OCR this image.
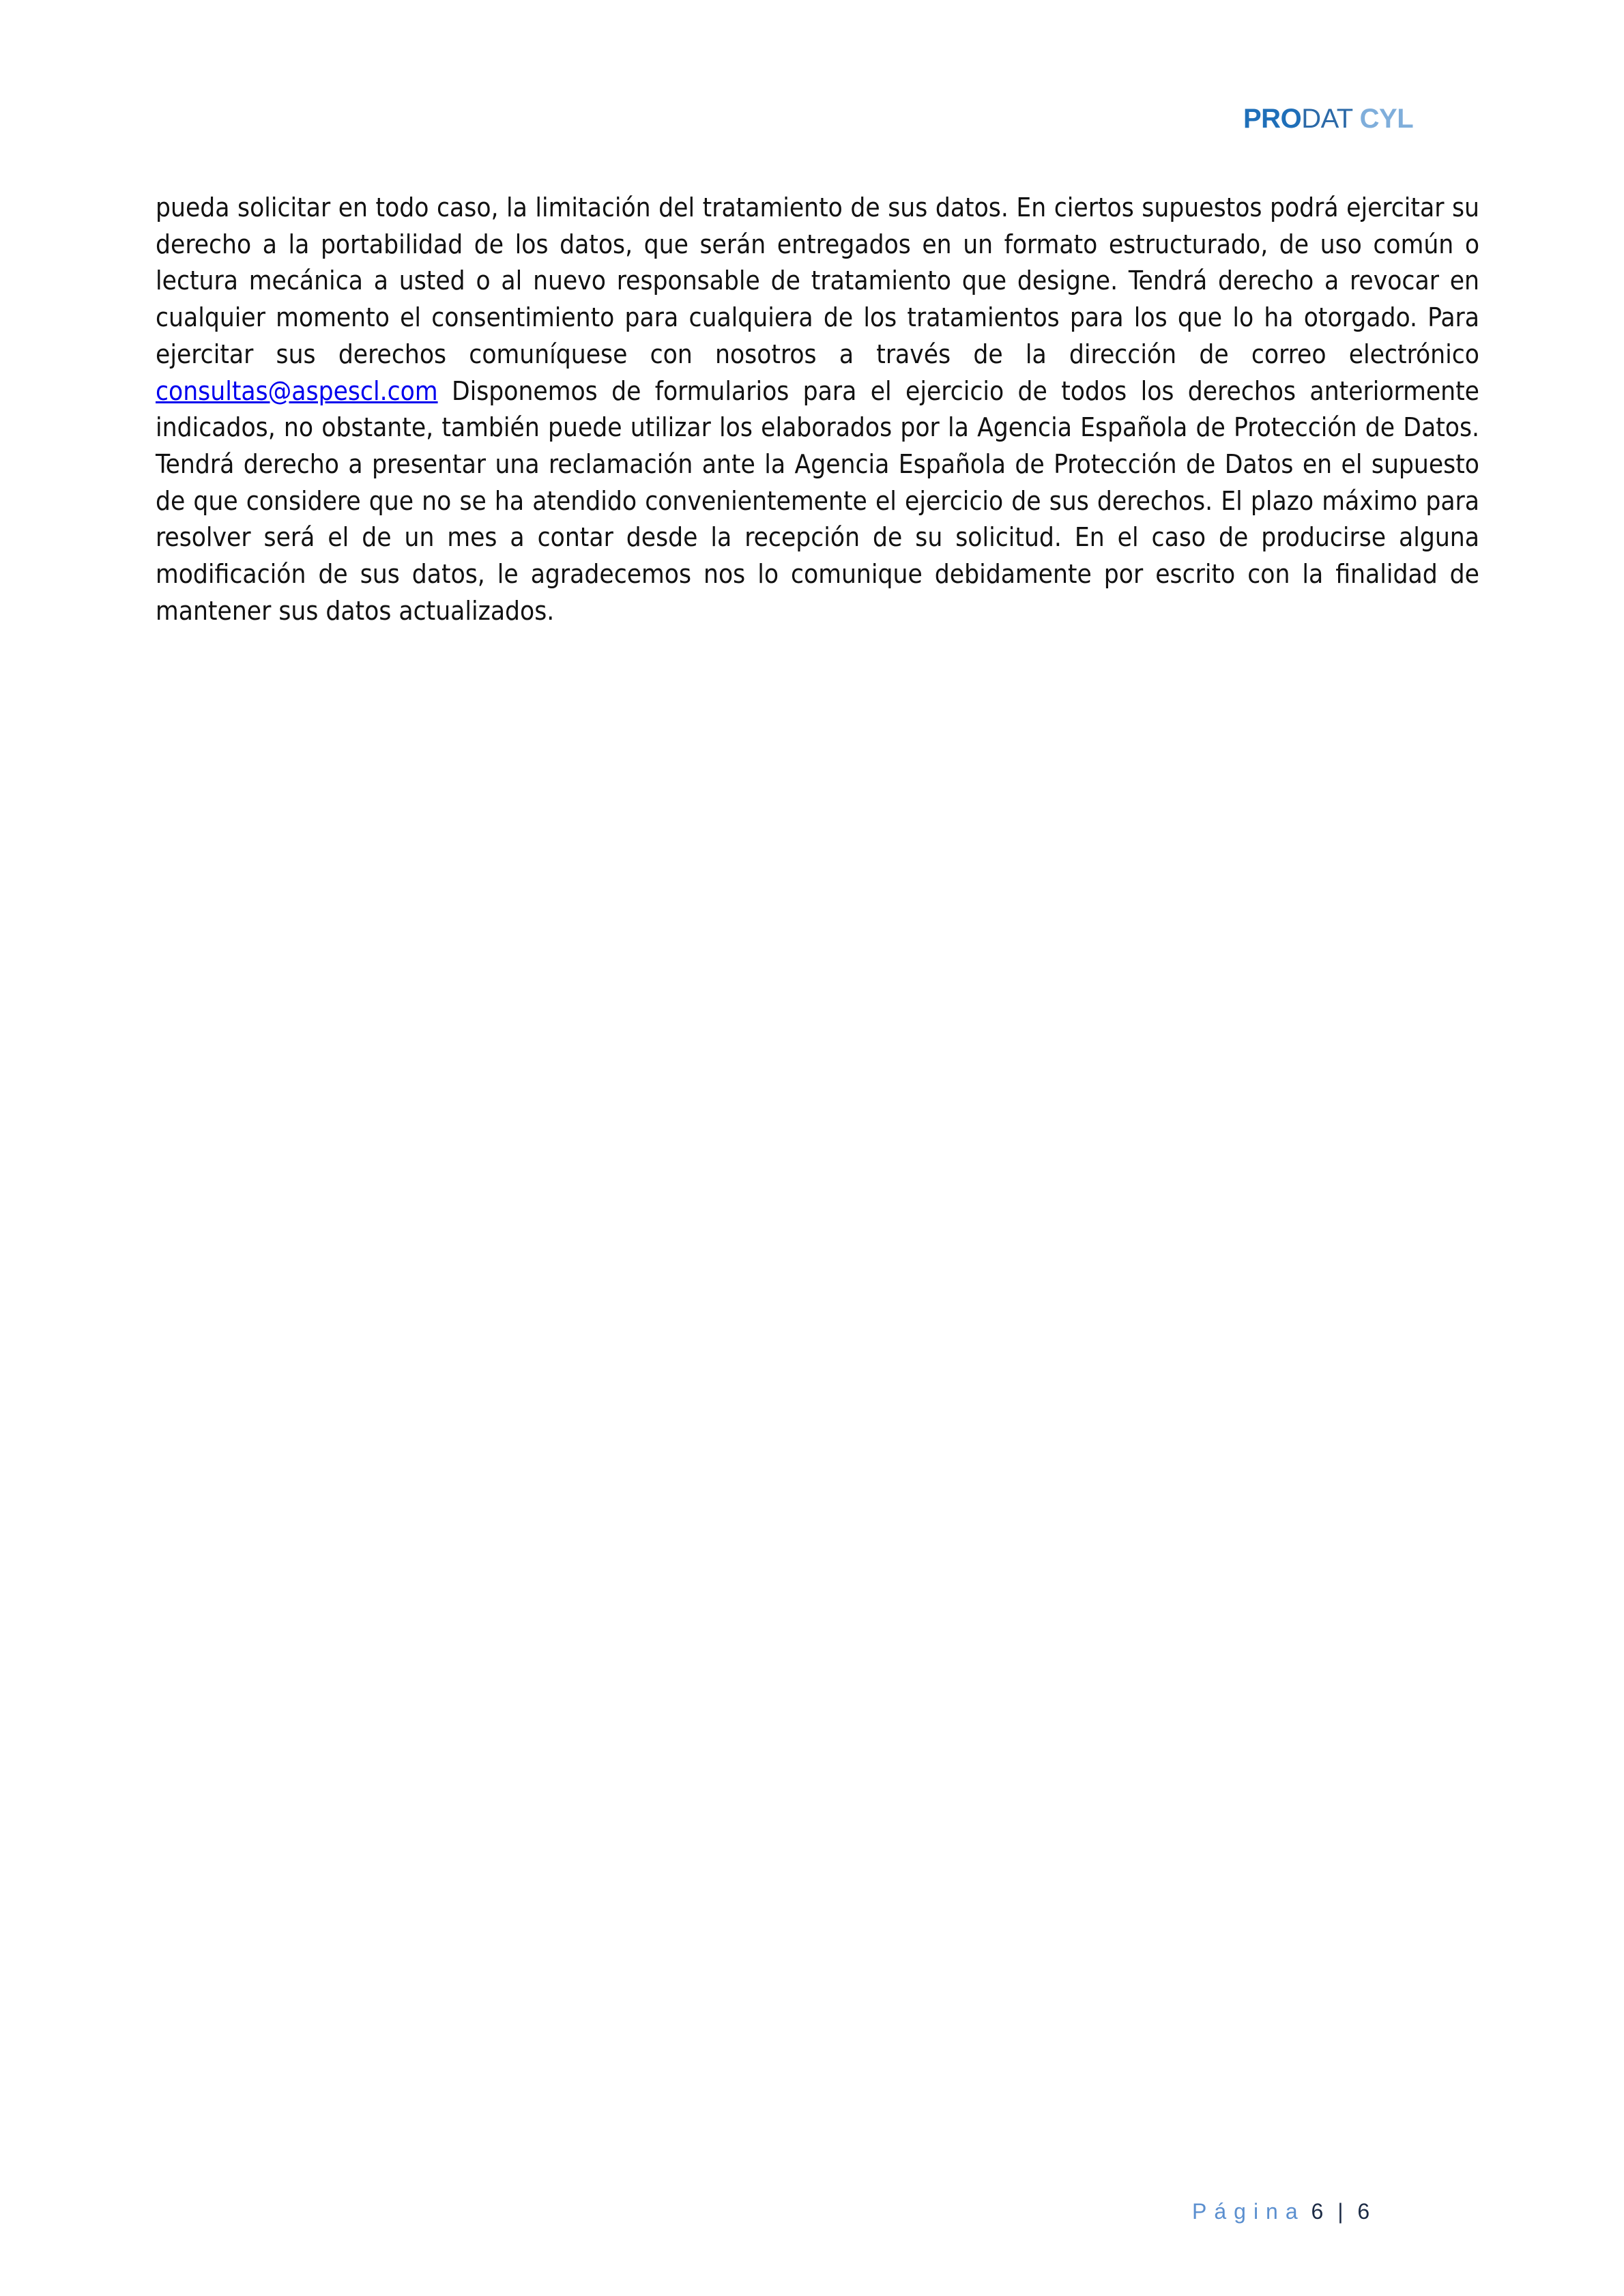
PRODAT CYL

pueda solicitar en todo caso, la limitación del tratamiento de sus datos. En ciertos supuestos podrá ejercitar su derecho a la portabilidad de los datos, que serán entregados en un formato estructurado, de uso común o lectura mecánica a usted o al nuevo responsable de tratamiento que designe. Tendrá derecho a revocar en cualquier momento el consentimiento para cualquiera de los tratamientos para los que lo ha otorgado. Para ejercitar sus derechos comuníquese con nosotros a través de la dirección de correo electrónico consultas@aspescl.com Disponemos de formularios para el ejercicio de todos los derechos anteriormente indicados, no obstante, también puede utilizar los elaborados por la Agencia Española de Protección de Datos. Tendrá derecho a presentar una reclamación ante la Agencia Española de Protección de Datos en el supuesto de que considere que no se ha atendido convenientemente el ejercicio de sus derechos. El plazo máximo para resolver será el de un mes a contar desde la recepción de su solicitud. En el caso de producirse alguna modificación de sus datos, le agradecemos nos lo comunique debidamente por escrito con la finalidad de mantener sus datos actualizados.

Página 6 | 6
